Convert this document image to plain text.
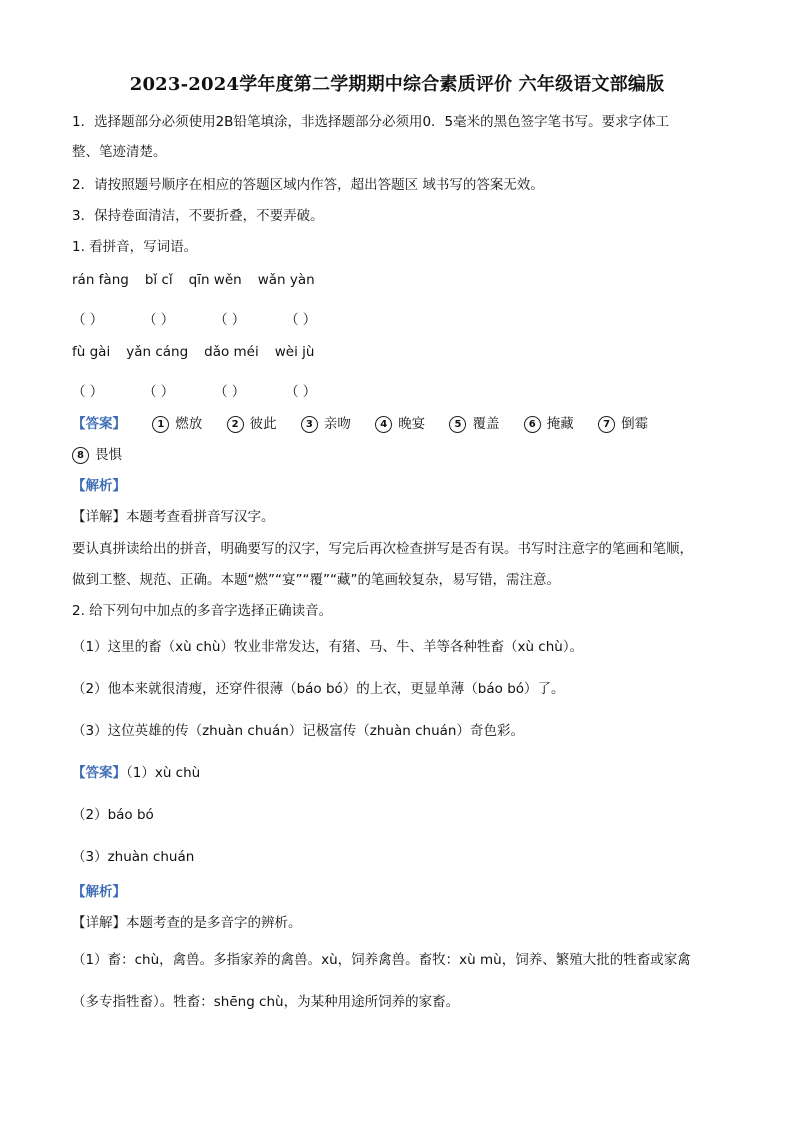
2023-2024学年度第二学期期中综合素质评价 六年级语文部编版
1．选择题部分必须使用2B铅笔填涂，非选择题部分必须用0．5毫米的黑色签字笔书写。要求字体工
整、笔迹清楚。
2．请按照题号顺序在相应的答题区域内作答，超出答题区 域书写的答案无效。
3．保持卷面清洁，不要折叠，不要弄破。
1. 看拼音，写词语。
rán fàng bǐ cǐ qīn wěn wǎn yàn
（ ）	（ ）	（ ）	（ ）
fù gài yǎn cáng dǎo méi wèi jù
（ ）	（ ）	（ ）	（ ）
【答案】	1 燃放	2 彼此	3 亲吻	4 晚宴	5 覆盖	6 掩藏	7 倒霉
8 畏惧
【解析】
【详解】本题考查看拼音写汉字。
要认真拼读给出的拼音，明确要写的汉字，写完后再次检查拼写是否有误。书写时注意字的笔画和笔顺，
做到工整、规范、正确。本题“燃”“宴”“覆”“藏”的笔画较复杂，易写错，需注意。
2. 给下列句中加点的多音字选择正确读音。
（1）这里的畜（xù chù）牧业非常发达，有猪、马、牛、羊等各种牲畜（xù chù）。
（2）他本来就很清瘦，还穿件很薄（báo bó）的上衣，更显单薄（báo bó）了。
（3）这位英雄的传（zhuàn chuán）记极富传（zhuàn chuán）奇色彩。
【答案】（1）xù chù
（2）báo bó
（3）zhuàn chuán
【解析】
【详解】本题考查的是多音字的辨析。
（1）畜：chù，禽兽。多指家养的禽兽。xù，饲养禽兽。畜牧：xù mù，饲养、繁殖大批的牲畜或家禽
（多专指牲畜）。牲畜：shēng chù，为某种用途所饲养的家畜。
